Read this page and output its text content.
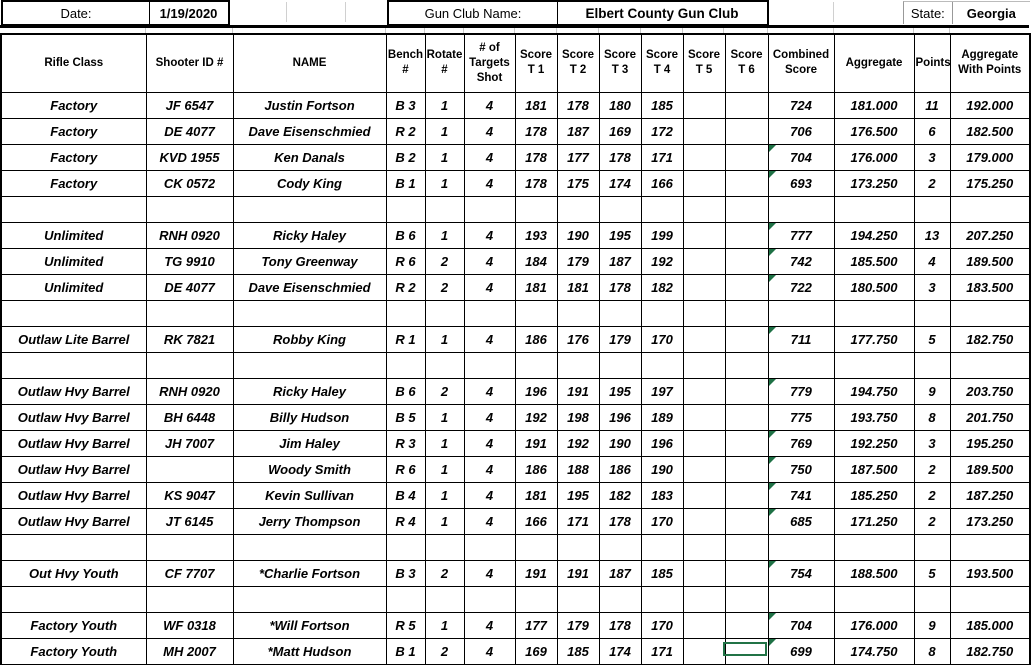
Date:	1/19/2020	Gun Club Name:	Elbert County Gun Club	State:	Georgia
Rifle Class	Shooter ID #	NAME	Bench #	Rotate #	# of Targets Shot	Score T 1	Score T 2	Score T 3	Score T 4	Score T 5	Score T 6	Combined Score	Aggregate	Points	Aggregate With Points
Factory	JF 6547	Justin Fortson	B 3	1	4	181	178	180	185			724	181.000	11	192.000
Factory	DE 4077	Dave Eisenschmied	R 2	1	4	178	187	169	172			706	176.500	6	182.500
Factory	KVD 1955	Ken Danals	B 2	1	4	178	177	178	171			704	176.000	3	179.000
Factory	CK 0572	Cody King	B 1	1	4	178	175	174	166			693	173.250	2	175.250

Unlimited	RNH 0920	Ricky Haley	B 6	1	4	193	190	195	199			777	194.250	13	207.250
Unlimited	TG 9910	Tony Greenway	R 6	2	4	184	179	187	192			742	185.500	4	189.500
Unlimited	DE 4077	Dave Eisenschmied	R 2	2	4	181	181	178	182			722	180.500	3	183.500

Outlaw Lite Barrel	RK 7821	Robby King	R 1	1	4	186	176	179	170			711	177.750	5	182.750

Outlaw Hvy Barrel	RNH 0920	Ricky Haley	B 6	2	4	196	191	195	197			779	194.750	9	203.750
Outlaw Hvy Barrel	BH 6448	Billy Hudson	B 5	1	4	192	198	196	189			775	193.750	8	201.750
Outlaw Hvy Barrel	JH 7007	Jim Haley	R 3	1	4	191	192	190	196			769	192.250	3	195.250
Outlaw Hvy Barrel		Woody Smith	R 6	1	4	186	188	186	190			750	187.500	2	189.500
Outlaw Hvy Barrel	KS 9047	Kevin Sullivan	B 4	1	4	181	195	182	183			741	185.250	2	187.250
Outlaw Hvy Barrel	JT 6145	Jerry Thompson	R 4	1	4	166	171	178	170			685	171.250	2	173.250

Out Hvy Youth	CF 7707	*Charlie Fortson	B 3	2	4	191	191	187	185			754	188.500	5	193.500

Factory Youth	WF 0318	*Will Fortson	R 5	1	4	177	179	178	170			704	176.000	9	185.000
Factory Youth	MH 2007	*Matt Hudson	B 1	2	4	169	185	174	171			699	174.750	8	182.750
